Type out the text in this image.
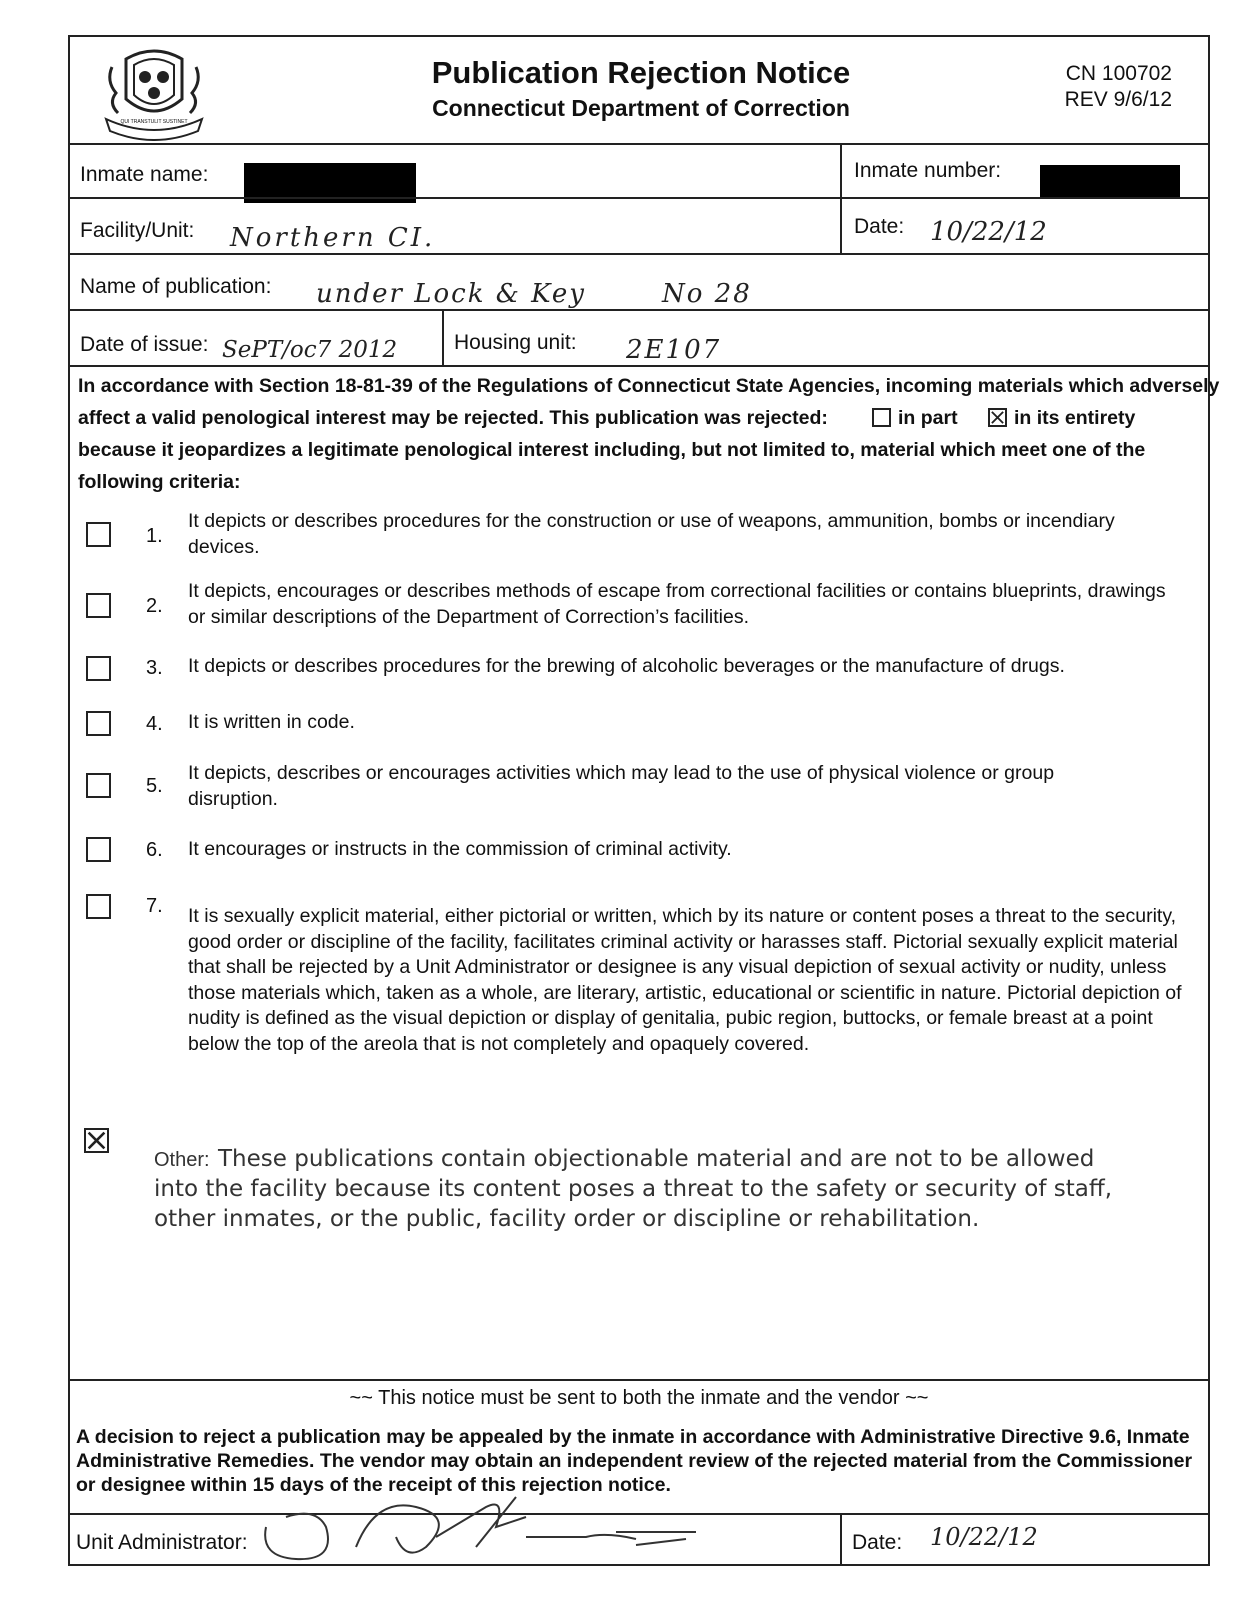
QUI TRANSTULIT SUSTINET
Publication Rejection Notice
Connecticut Department of Correction
CN 100702
REV 9/6/12
Inmate name:	Inmate number:
Facility/Unit: Northern CI.	Date: 10/22/12
Name of publication: under Lock & Key	No 28
Date of issue: SePT/oc7 2012	Housing unit: 2E107
In accordance with Section 18-81-39 of the Regulations of Connecticut State Agencies, incoming materials which adversely
affect a valid penological interest may be rejected. This publication was rejected:	in part	in its entirety
because it jeopardizes a legitimate penological interest including, but not limited to, material which meet one of the
following criteria:
1.
It depicts or describes procedures for the construction or use of weapons, ammunition, bombs or incendiary devices.
2.
It depicts, encourages or describes methods of escape from correctional facilities or contains blueprints, drawings or similar descriptions of the Department of Correction’s facilities.
3. It depicts or describes procedures for the brewing of alcoholic beverages or the manufacture of drugs.
4. It is written in code.
5.
It depicts, describes or encourages activities which may lead to the use of physical violence or group disruption.
6. It encourages or instructs in the commission of criminal activity.
7. It is sexually explicit material, either pictorial or written, which by its nature or content poses a threat to the security, good order or discipline of the facility, facilitates criminal activity or harasses staff. Pictorial sexually explicit material that shall be rejected by a Unit Administrator or designee is any visual depiction of sexual activity or nudity, unless those materials which, taken as a whole, are literary, artistic, educational or scientific in nature. Pictorial depiction of nudity is defined as the visual depiction or display of genitalia, pubic region, buttocks, or female breast at a point below the top of the areola that is not completely and opaquely covered.
Other: These publications contain objectionable material and are not to be allowed into the facility because its content poses a threat to the safety or security of staff, other inmates, or the public, facility order or discipline or rehabilitation.
~~ This notice must be sent to both the inmate and the vendor ~~
A decision to reject a publication may be appealed by the inmate in accordance with Administrative Directive 9.6, Inmate Administrative Remedies. The vendor may obtain an independent review of the rejected material from the Commissioner or designee within 15 days of the receipt of this rejection notice.
Unit Administrator:	Date: 10/22/12
